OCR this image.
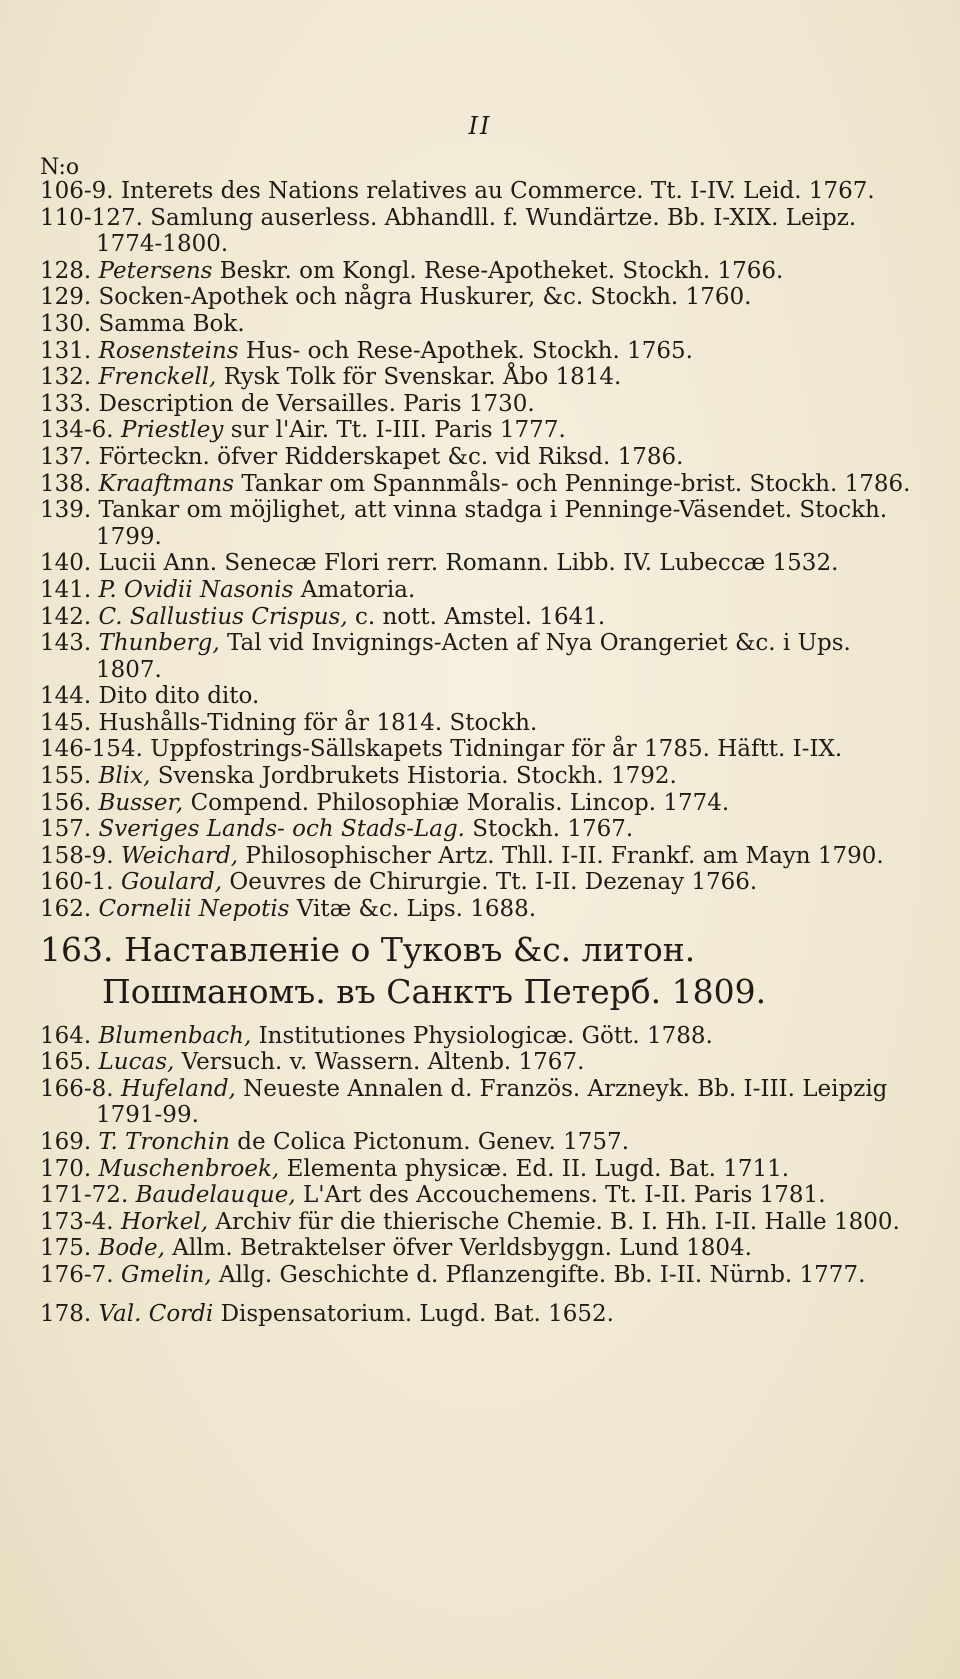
II
N:o
106-9. Interets des Nations relatives au Commerce. Tt. I-IV. Leid. 1767.
110-127. Samlung auserless. Abhandll. f. Wundärtze. Bb. I-XIX. Leipz. 1774-1800.
128. Petersens Beskr. om Kongl. Rese-Apotheket. Stockh. 1766.
129. Socken-Apothek och några Huskurer, &c. Stockh. 1760.
130. Samma Bok.
131. Rosensteins Hus- och Rese-Apothek. Stockh. 1765.
132. Frenckell, Rysk Tolk för Svenskar. Åbo 1814.
133. Description de Versailles. Paris 1730.
134-6. Priestley sur l'Air. Tt. I-III. Paris 1777.
137. Förteckn. öfver Ridderskapet &c. vid Riksd. 1786.
138. Kraaftmans Tankar om Spannmåls- och Penninge-brist. Stockh. 1786.
139. Tankar om möjlighet, att vinna stadga i Penninge-Väsendet. Stockh. 1799.
140. Lucii Ann. Senecæ Flori rerr. Romann. Libb. IV. Lubeccæ 1532.
141. P. Ovidii Nasonis Amatoria.
142. C. Sallustius Crispus, c. nott. Amstel. 1641.
143. Thunberg, Tal vid Invignings-Acten af Nya Orangeriet &c. i Ups. 1807.
144. Dito dito dito.
145. Hushålls-Tidning för år 1814. Stockh.
146-154. Uppfostrings-Sällskapets Tidningar för år 1785. Häftt. I-IX.
155. Blix, Svenska Jordbrukets Historia. Stockh. 1792.
156. Busser, Compend. Philosophiæ Moralis. Lincop. 1774.
157. Sveriges Lands- och Stads-Lag. Stockh. 1767.
158-9. Weichard, Philosophischer Artz. Thll. I-II. Frankf. am Mayn 1790.
160-1. Goulard, Oeuvres de Chirurgie. Tt. I-II. Dezenay 1766.
162. Cornelii Nepotis Vitæ &c. Lips. 1688.
163. Наставленіе о Туковъ &c. литон. Пошманомъ. въ Санктъ Петерб. 1809.
164. Blumenbach, Institutiones Physiologicæ. Gött. 1788.
165. Lucas, Versuch. v. Wassern. Altenb. 1767.
166-8. Hufeland, Neueste Annalen d. Französ. Arzneyk. Bb. I-III. Leipzig 1791-99.
169. T. Tronchin de Colica Pictonum. Genev. 1757.
170. Muschenbroek, Elementa physicæ. Ed. II. Lugd. Bat. 1711.
171-72. Baudelauque, L'Art des Accouchemens. Tt. I-II. Paris 1781.
173-4. Horkel, Archiv für die thierische Chemie. B. I. Hh. I-II. Halle 1800.
175. Bode, Allm. Betraktelser öfver Verldsbyggn. Lund 1804.
176-7. Gmelin, Allg. Geschichte d. Pflanzengifte. Bb. I-II. Nürnb. 1777.
178. Val. Cordi Dispensatorium. Lugd. Bat. 1652.
